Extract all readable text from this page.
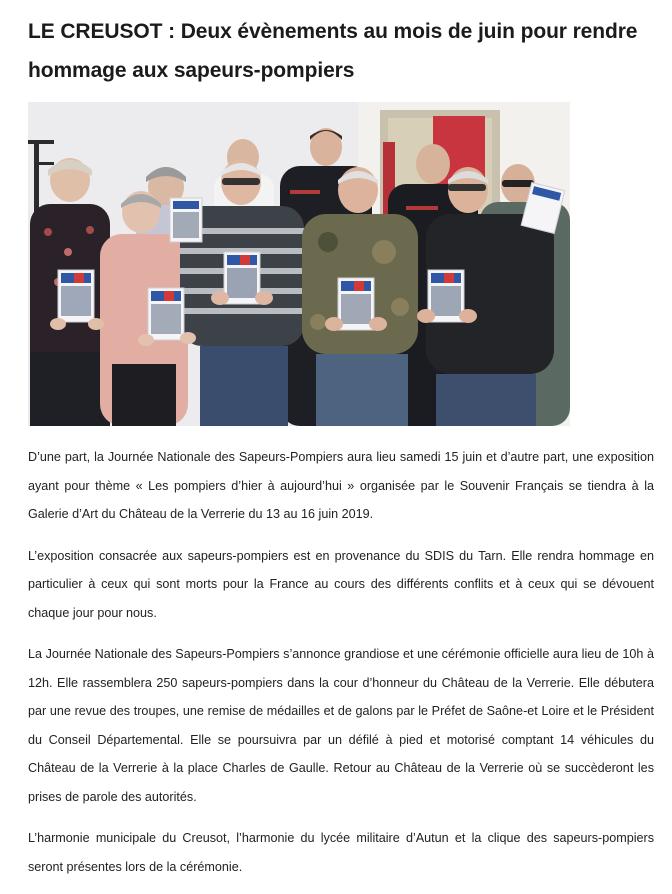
LE CREUSOT : Deux évènements au mois de juin pour rendre hommage aux sapeurs-pompiers

D’une part, la Journée Nationale des Sapeurs-Pompiers aura lieu samedi 15 juin et d’autre part, une exposition ayant pour thème « Les pompiers d’hier à aujourd’hui » organisée par le Souvenir Français se tiendra à la Galerie d’Art du Château de la Verrerie du 13 au 16 juin 2019.

L’exposition consacrée aux sapeurs-pompiers est en provenance du SDIS du Tarn. Elle rendra hommage en particulier à ceux qui sont morts pour la France au cours des différents conflits et à ceux qui se dévouent chaque jour pour nous.

La Journée Nationale des Sapeurs-Pompiers s’annonce grandiose et une cérémonie officielle aura lieu de 10h à 12h. Elle rassemblera 250 sapeurs-pompiers dans la cour d’honneur du Château de la Verrerie. Elle débutera par une revue des troupes, une remise de médailles et de galons par le Préfet de Saône-et Loire et le Président du Conseil Départemental. Elle se poursuivra par un défilé à pied et motorisé comptant 14 véhicules du Château de la Verrerie à la place Charles de Gaulle. Retour au Château de la Verrerie où se succèderont les prises de parole des autorités.

L’harmonie municipale du Creusot, l’harmonie du lycée militaire d’Autun et la clique des sapeurs-pompiers seront présentes lors de la cérémonie.
